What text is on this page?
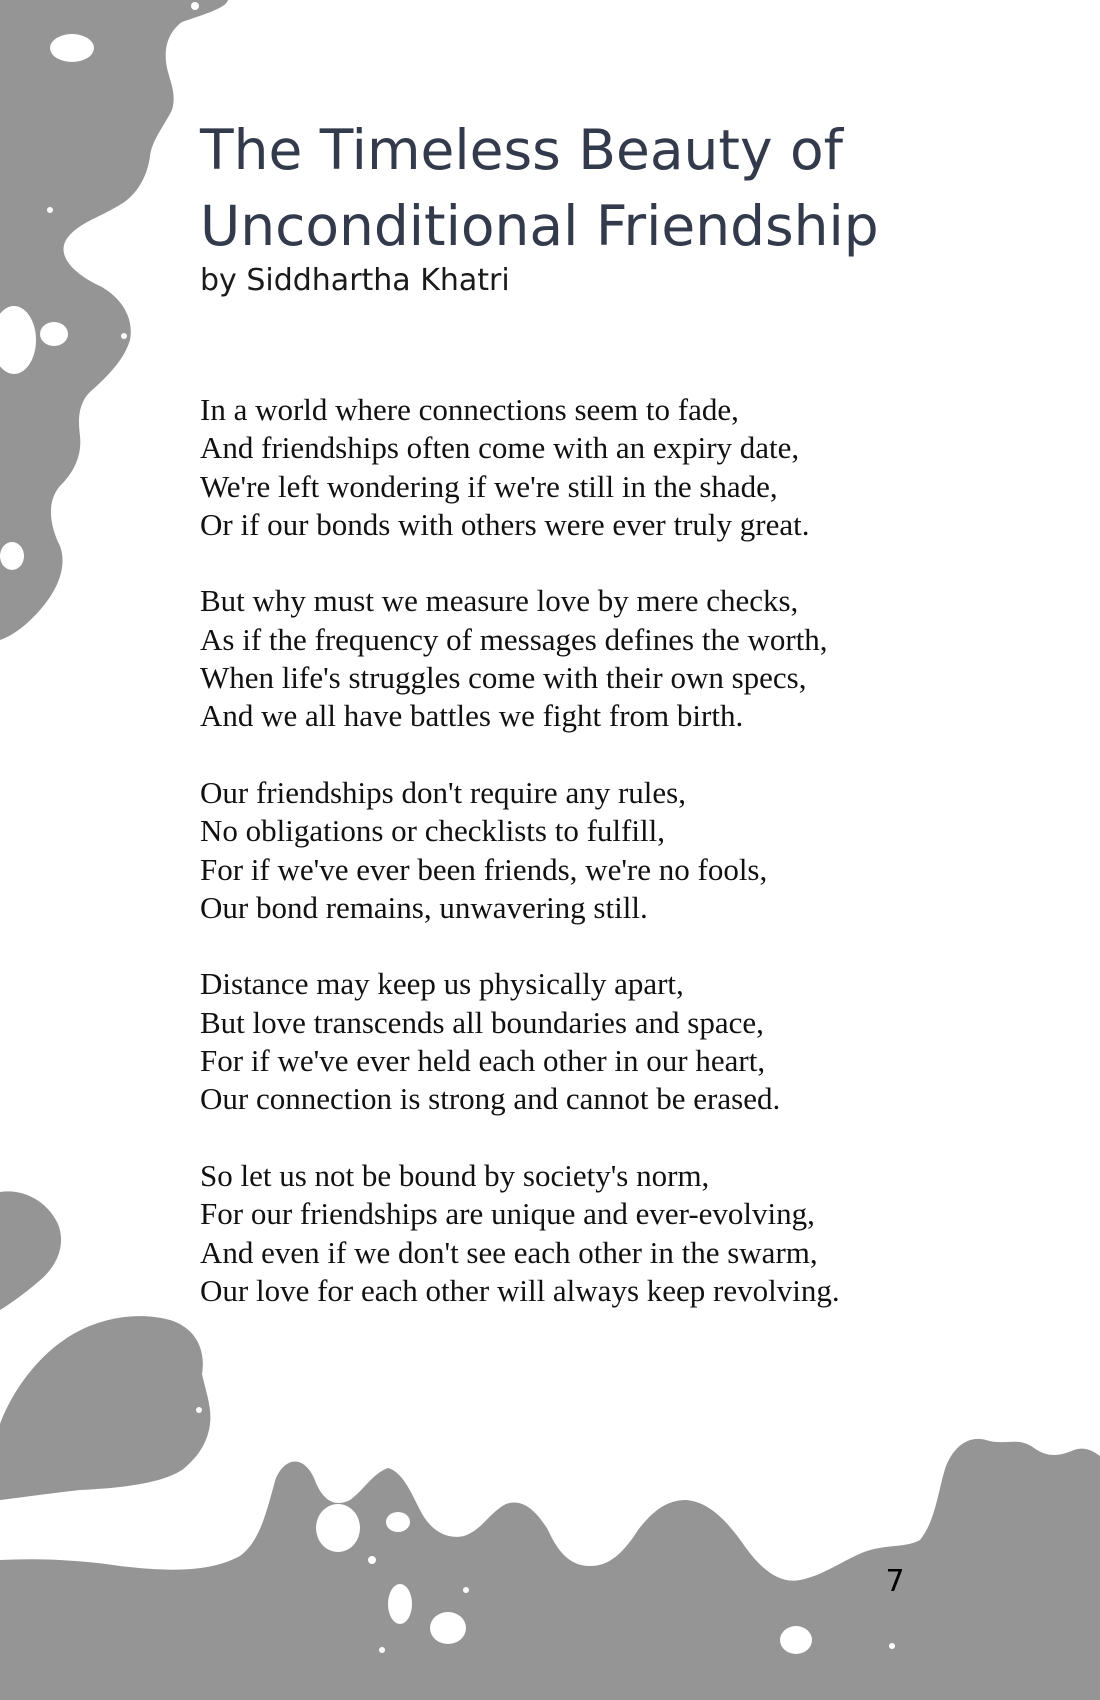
The Timeless Beauty of Unconditional Friendship

by Siddhartha Khatri

In a world where connections seem to fade,
And friendships often come with an expiry date,
We're left wondering if we're still in the shade,
Or if our bonds with others were ever truly great.

But why must we measure love by mere checks,
As if the frequency of messages defines the worth,
When life's struggles come with their own specs,
And we all have battles we fight from birth.

Our friendships don't require any rules,
No obligations or checklists to fulfill,
For if we've ever been friends, we're no fools,
Our bond remains, unwavering still.

Distance may keep us physically apart,
But love transcends all boundaries and space,
For if we've ever held each other in our heart,
Our connection is strong and cannot be erased.

So let us not be bound by society's norm,
For our friendships are unique and ever-evolving,
And even if we don't see each other in the swarm,
Our love for each other will always keep revolving.

7
